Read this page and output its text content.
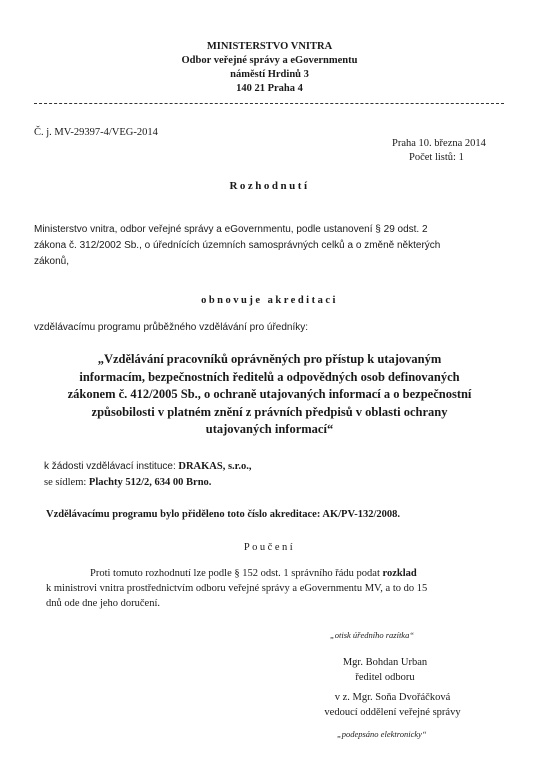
MINISTERSTVO VNITRA
Odbor veřejné správy a eGovernmentu
náměstí Hrdinů 3
140 21 Praha 4
Č. j. MV-29397-4/VEG-2014
Praha 10. března 2014
Počet listů: 1
Rozhodnutí
Ministerstvo vnitra, odbor veřejné správy a eGovernmentu, podle ustanovení § 29 odst. 2
zákona č. 312/2002 Sb., o úřednících územních samosprávných celků a o změně některých
zákonů,
obnovuje akreditaci
vzdělávacímu programu průběžného vzdělávání pro úředníky:
„Vzdělávání pracovníků oprávněných pro přístup k utajovaným
informacím, bezpečnostních ředitelů a odpovědných osob definovaných
zákonem č. 412/2005 Sb., o ochraně utajovaných informací a o bezpečnostní
způsobilosti v platném znění z právních předpisů v oblasti ochrany
utajovaných informací“
k žádosti vzdělávací instituce: DRAKAS, s.r.o.,
se sídlem: Plachty 512/2, 634 00 Brno.
Vzdělávacímu programu bylo přiděleno toto číslo akreditace: AK/PV-132/2008.
Poučení
Proti tomuto rozhodnutí lze podle § 152 odst. 1 správního řádu podat rozklad
k ministrovi vnitra prostřednictvím odboru veřejné správy a eGovernmentu MV, a to do 15
dnů ode dne jeho doručení.
„otisk úředního razítka“
Mgr. Bohdan Urban
ředitel odboru
v z. Mgr. Soňa Dvořáčková
vedoucí oddělení veřejné správy
„podepsáno elektronicky“
